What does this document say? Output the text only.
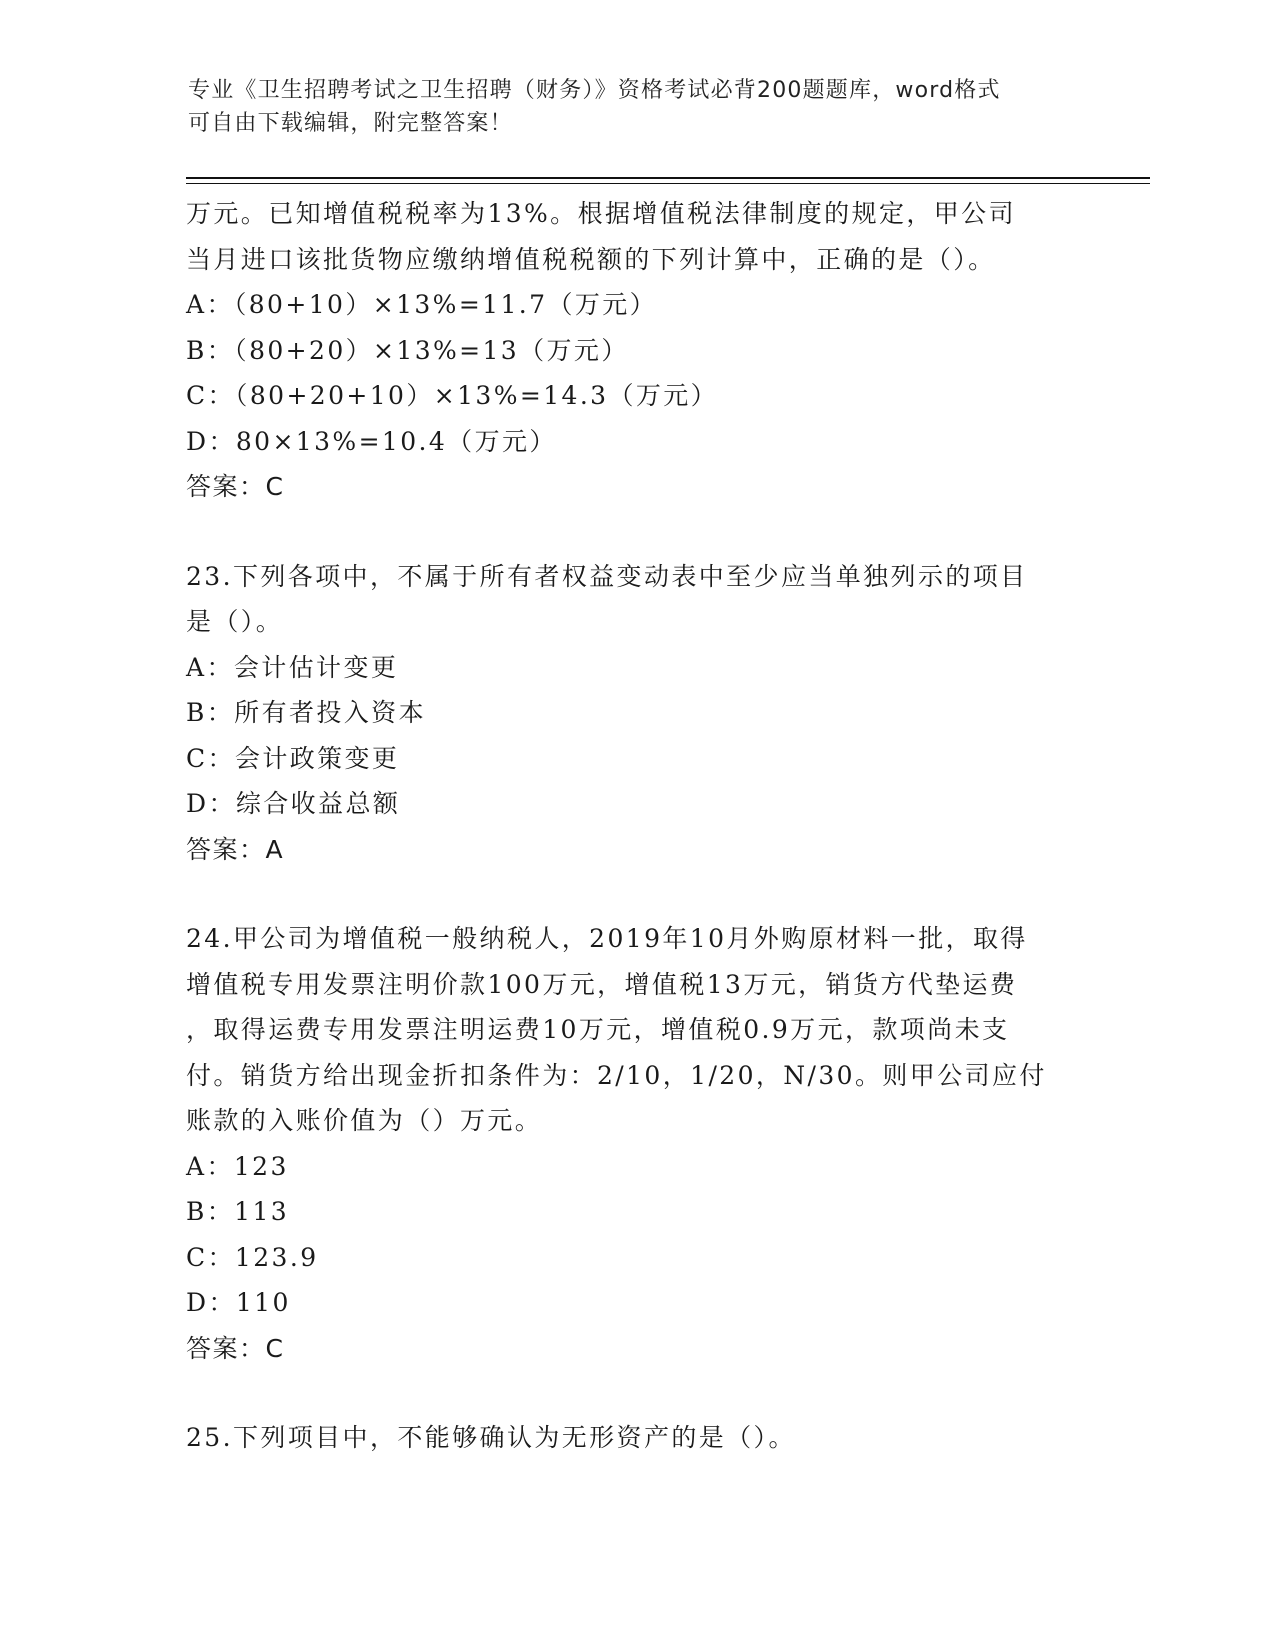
专业《卫生招聘考试之卫生招聘（财务）》资格考试必背200题题库，word格式
可自由下载编辑，附完整答案！
万元。已知增值税税率为13%。根据增值税法律制度的规定，甲公司
当月进口该批货物应缴纳增值税税额的下列计算中，正确的是（）。
A：（80+10）×13%=11.7（万元）
B：（80+20）×13%=13（万元）
C：（80+20+10）×13%=14.3（万元）
D：80×13%=10.4（万元）
答案：C
23.下列各项中，不属于所有者权益变动表中至少应当单独列示的项目
是（）。
A：会计估计变更
B：所有者投入资本
C：会计政策变更
D：综合收益总额
答案：A
24.甲公司为增值税一般纳税人，2019年10月外购原材料一批，取得
增值税专用发票注明价款100万元，增值税13万元，销货方代垫运费
，取得运费专用发票注明运费10万元，增值税0.9万元，款项尚未支
付。销货方给出现金折扣条件为：2/10，1/20，N/30。则甲公司应付
账款的入账价值为（）万元。
A：123
B：113
C：123.9
D：110
答案：C
25.下列项目中，不能够确认为无形资产的是（）。
